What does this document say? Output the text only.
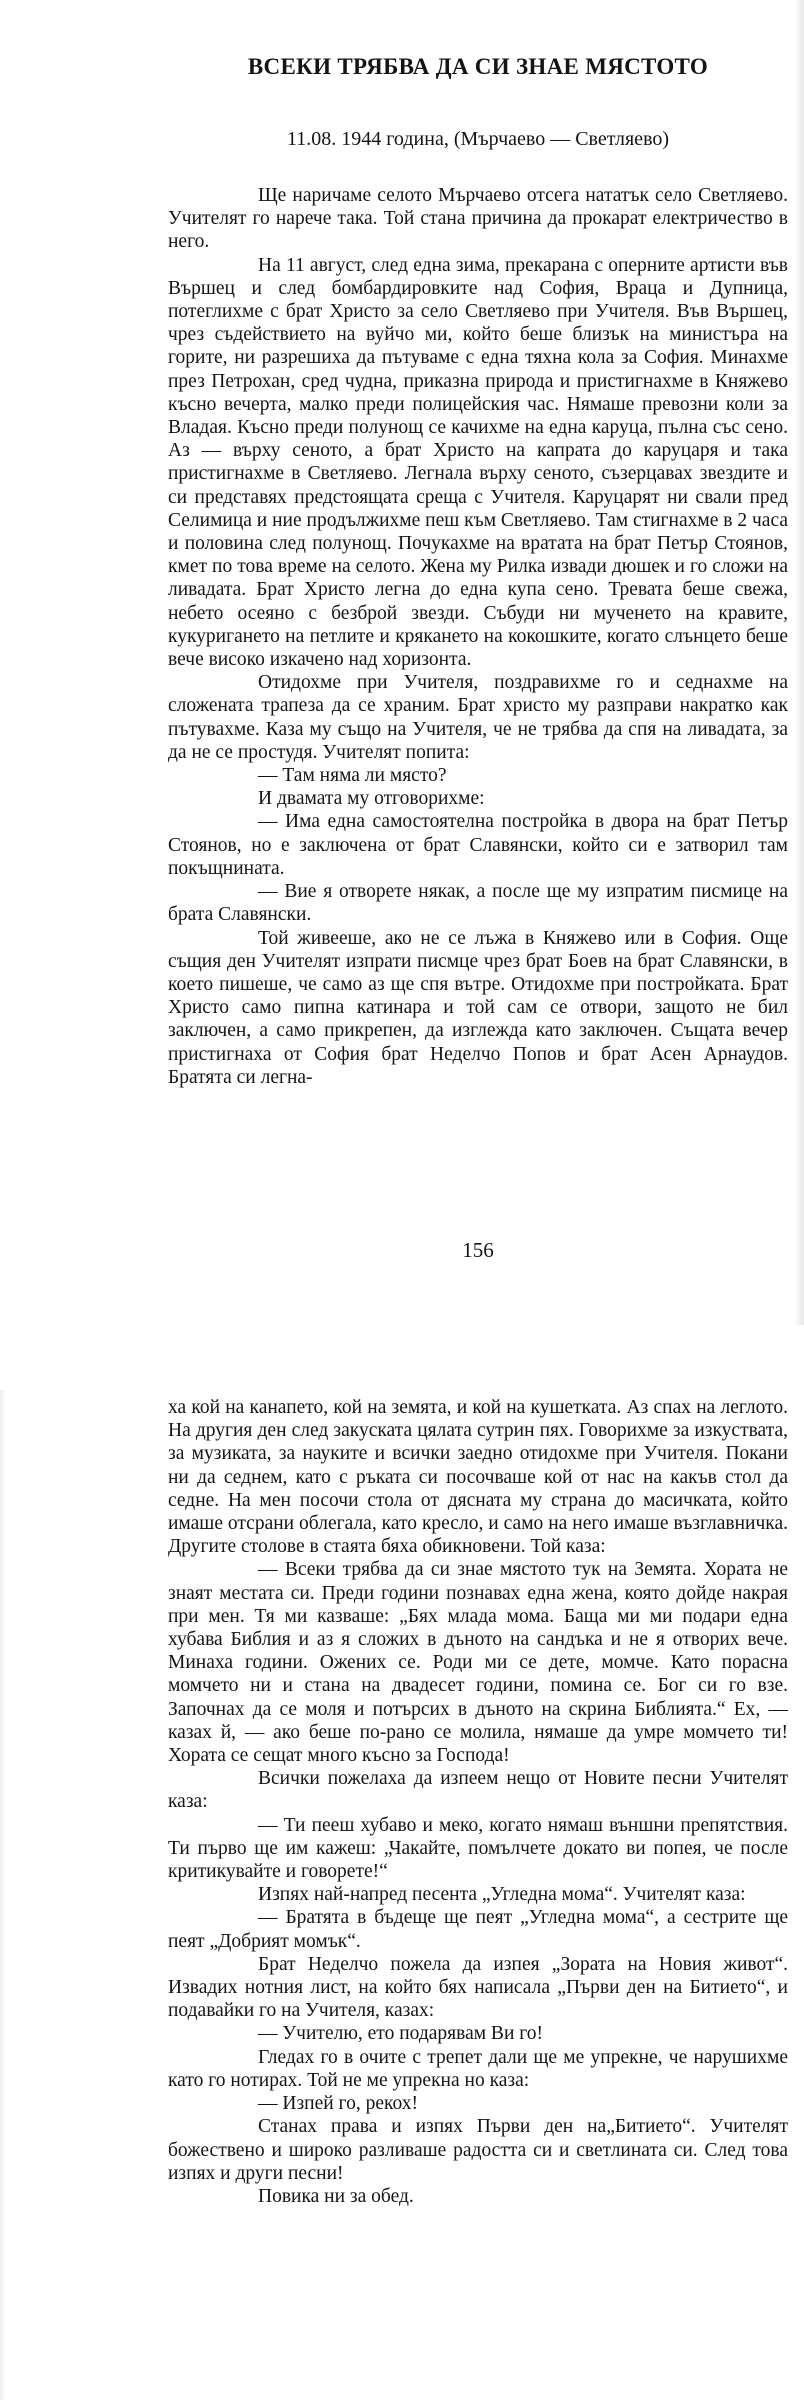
ВСЕКИ ТРЯБВА ДА СИ ЗНАЕ МЯСТОТО
11.08. 1944 година, (Мърчаево — Светляево)

Ще наричаме селото Мърчаево отсега нататък село Светляево. Учителят го нарече така. Той стана причина да прокарат електричество в него.

На 11 август, след една зима, прекарана с оперните артисти във Вършец и след бомбардировките над София, Враца и Дупница, потеглихме с брат Христо за село Светляево при Учителя. Във Вършец, чрез съдействието на вуйчо ми, който беше близък на министъра на горите, ни разрешиха да пътуваме с една тяхна кола за София. Минахме през Петрохан, сред чудна, приказна природа и пристигнахме в Княжево късно вечерта, малко преди полицейския час. Нямаше превозни коли за Владая. Късно преди полунощ се качихме на една каруца, пълна със сено. Аз — върху сеното, а брат Христо на капрата до каруцаря и така пристигнахме в Светляево. Легнала върху сеното, съзерцавах звездите и си представях предстоящата среща с Учителя. Каруцарят ни свали пред Селимица и ние продължихме пеш към Светляево. Там стигнахме в 2 часа и половина след полунощ. Почукахме на вратата на брат Петър Стоянов, кмет по това време на селото. Жена му Рилка извади дюшек и го сложи на ливадата. Брат Христо легна до една купа сено. Тревата беше свежа, небето осеяно с безброй звезди. Събуди ни мученето на кравите, кукуригането на петлите и крякането на кокошките, когато слънцето беше вече високо изкачено над хоризонта.

Отидохме при Учителя, поздравихме го и седнахме на сложената трапеза да се храним. Брат христо му разправи накратко как пътувахме. Каза му също на Учителя, че не трябва да спя на ливадата, за да не се простудя. Учителят попита:

— Там няма ли място?

И двамата му отговорихме:

— Има една самостоятелна постройка в двора на брат Петър Стоянов, но е заключена от брат Славянски, който си е затворил там покъщнината.

— Вие я отворете някак, а после ще му изпратим писмице на брата Славянски.

Той живееше, ако не се лъжа в Княжево или в София. Още същия ден Учителят изпрати писмце чрез брат Боев на брат Славянски, в което пишеше, че само аз ще спя вътре. Отидохме при постройката. Брат Христо само пипна катинара и той сам се отвори, защото не бил заключен, а само прикрепен, да изглежда като заключен. Същата вечер пристигнаха от София брат Неделчо Попов и брат Асен Арнаудов. Братята си легна-

156

ха кой на канапето, кой на земята, и кой на кушетката. Аз спах на леглото. На другия ден след закуската цялата сутрин пях. Говорихме за изкуствата, за музиката, за науките и всички заедно отидохме при Учителя. Покани ни да седнем, като с ръката си посочваше кой от нас на какъв стол да седне. На мен посочи стола от дясната му страна до масичката, който имаше отсрани облегала, като кресло, и само на него имаше възглавничка. Другите столове в стаята бяха обикновени. Той каза:

— Всеки трябва да си знае мястото тук на Земята. Хората не знаят местата си. Преди години познавах една жена, която дойде накрая при мен. Тя ми казваше: „Бях млада мома. Баща ми ми подари една хубава Библия и аз я сложих в дъното на сандъка и не я отворих вече. Минаха години. Ожених се. Роди ми се дете, момче. Като порасна момчето ни и стана на двадесет години, помина се. Бог си го взе. Започнах да се моля и потърсих в дъното на скрина Библията.“ Ех, — казах й, — ако беше по-рано се молила, нямаше да умре момчето ти! Хората се сещат много късно за Господа!

Всички пожелаха да изпеем нещо от Новите песни Учителят каза:

— Ти пееш хубаво и меко, когато нямаш външни препятствия. Ти първо ще им кажеш: „Чакайте, помълчете докато ви попея, че после критикувайте и говорете!“

Изпях най-напред песента „Угледна мома“. Учителят каза:

— Братята в бъдеще ще пеят „Угледна мома“, а сестрите ще пеят „Добрият момък“.

Брат Неделчо пожела да изпея „Зората на Новия живот“. Извадих нотния лист, на който бях написала „Първи ден на Битието“, и подавайки го на Учителя, казах:

— Учителю, ето подарявам Ви го!

Гледах го в очите с трепет дали ще ме упрекне, че нарушихме като го нотирах. Той не ме упрекна но каза:

— Изпей го, рекох!

Станах права и изпях Първи ден на„Битието“. Учителят божествено и широко разливаше радостта си и светлината си. След това изпях и други песни!

Повика ни за обед.
